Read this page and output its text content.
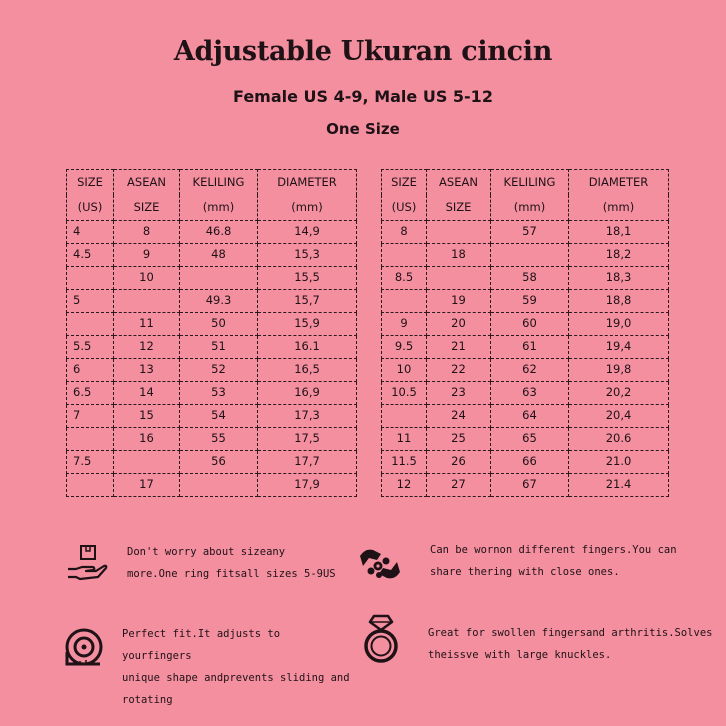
Adjustable Ukuran cincin
Female US 4-9, Male US 5-12
One Size
SIZE	ASEAN	KELILING	DIAMETER
(US)	SIZE	(mm)	(mm)
4	8	46.8	14,9
4.5	9	48	15,3
	10		15,5
5		49.3	15,7
	11	50	15,9
5.5	12	51	16.1
6	13	52	16,5
6.5	14	53	16,9
7	15	54	17,3
	16	55	17,5
7.5		56	17,7
	17		17,9
SIZE	ASEAN	KELILING	DIAMETER
(US)	SIZE	(mm)	(mm)
8		57	18,1
	18		18,2
8.5		58	18,3
	19	59	18,8
9	20	60	19,0
9.5	21	61	19,4
10	22	62	19,8
10.5	23	63	20,2
	24	64	20,4
11	25	65	20.6
11.5	26	66	21.0
12	27	67	21.4
Don't worry about sizeany
more.One ring fitsall sizes 5-9US
Can be wornon different fingers.You can
share thering with close ones.
Perfect fit.It adjusts to yourfingers
unique shape andprevents sliding and
rotating
Great for swollen fingersand arthritis.Solves
theissve with large knuckles.
